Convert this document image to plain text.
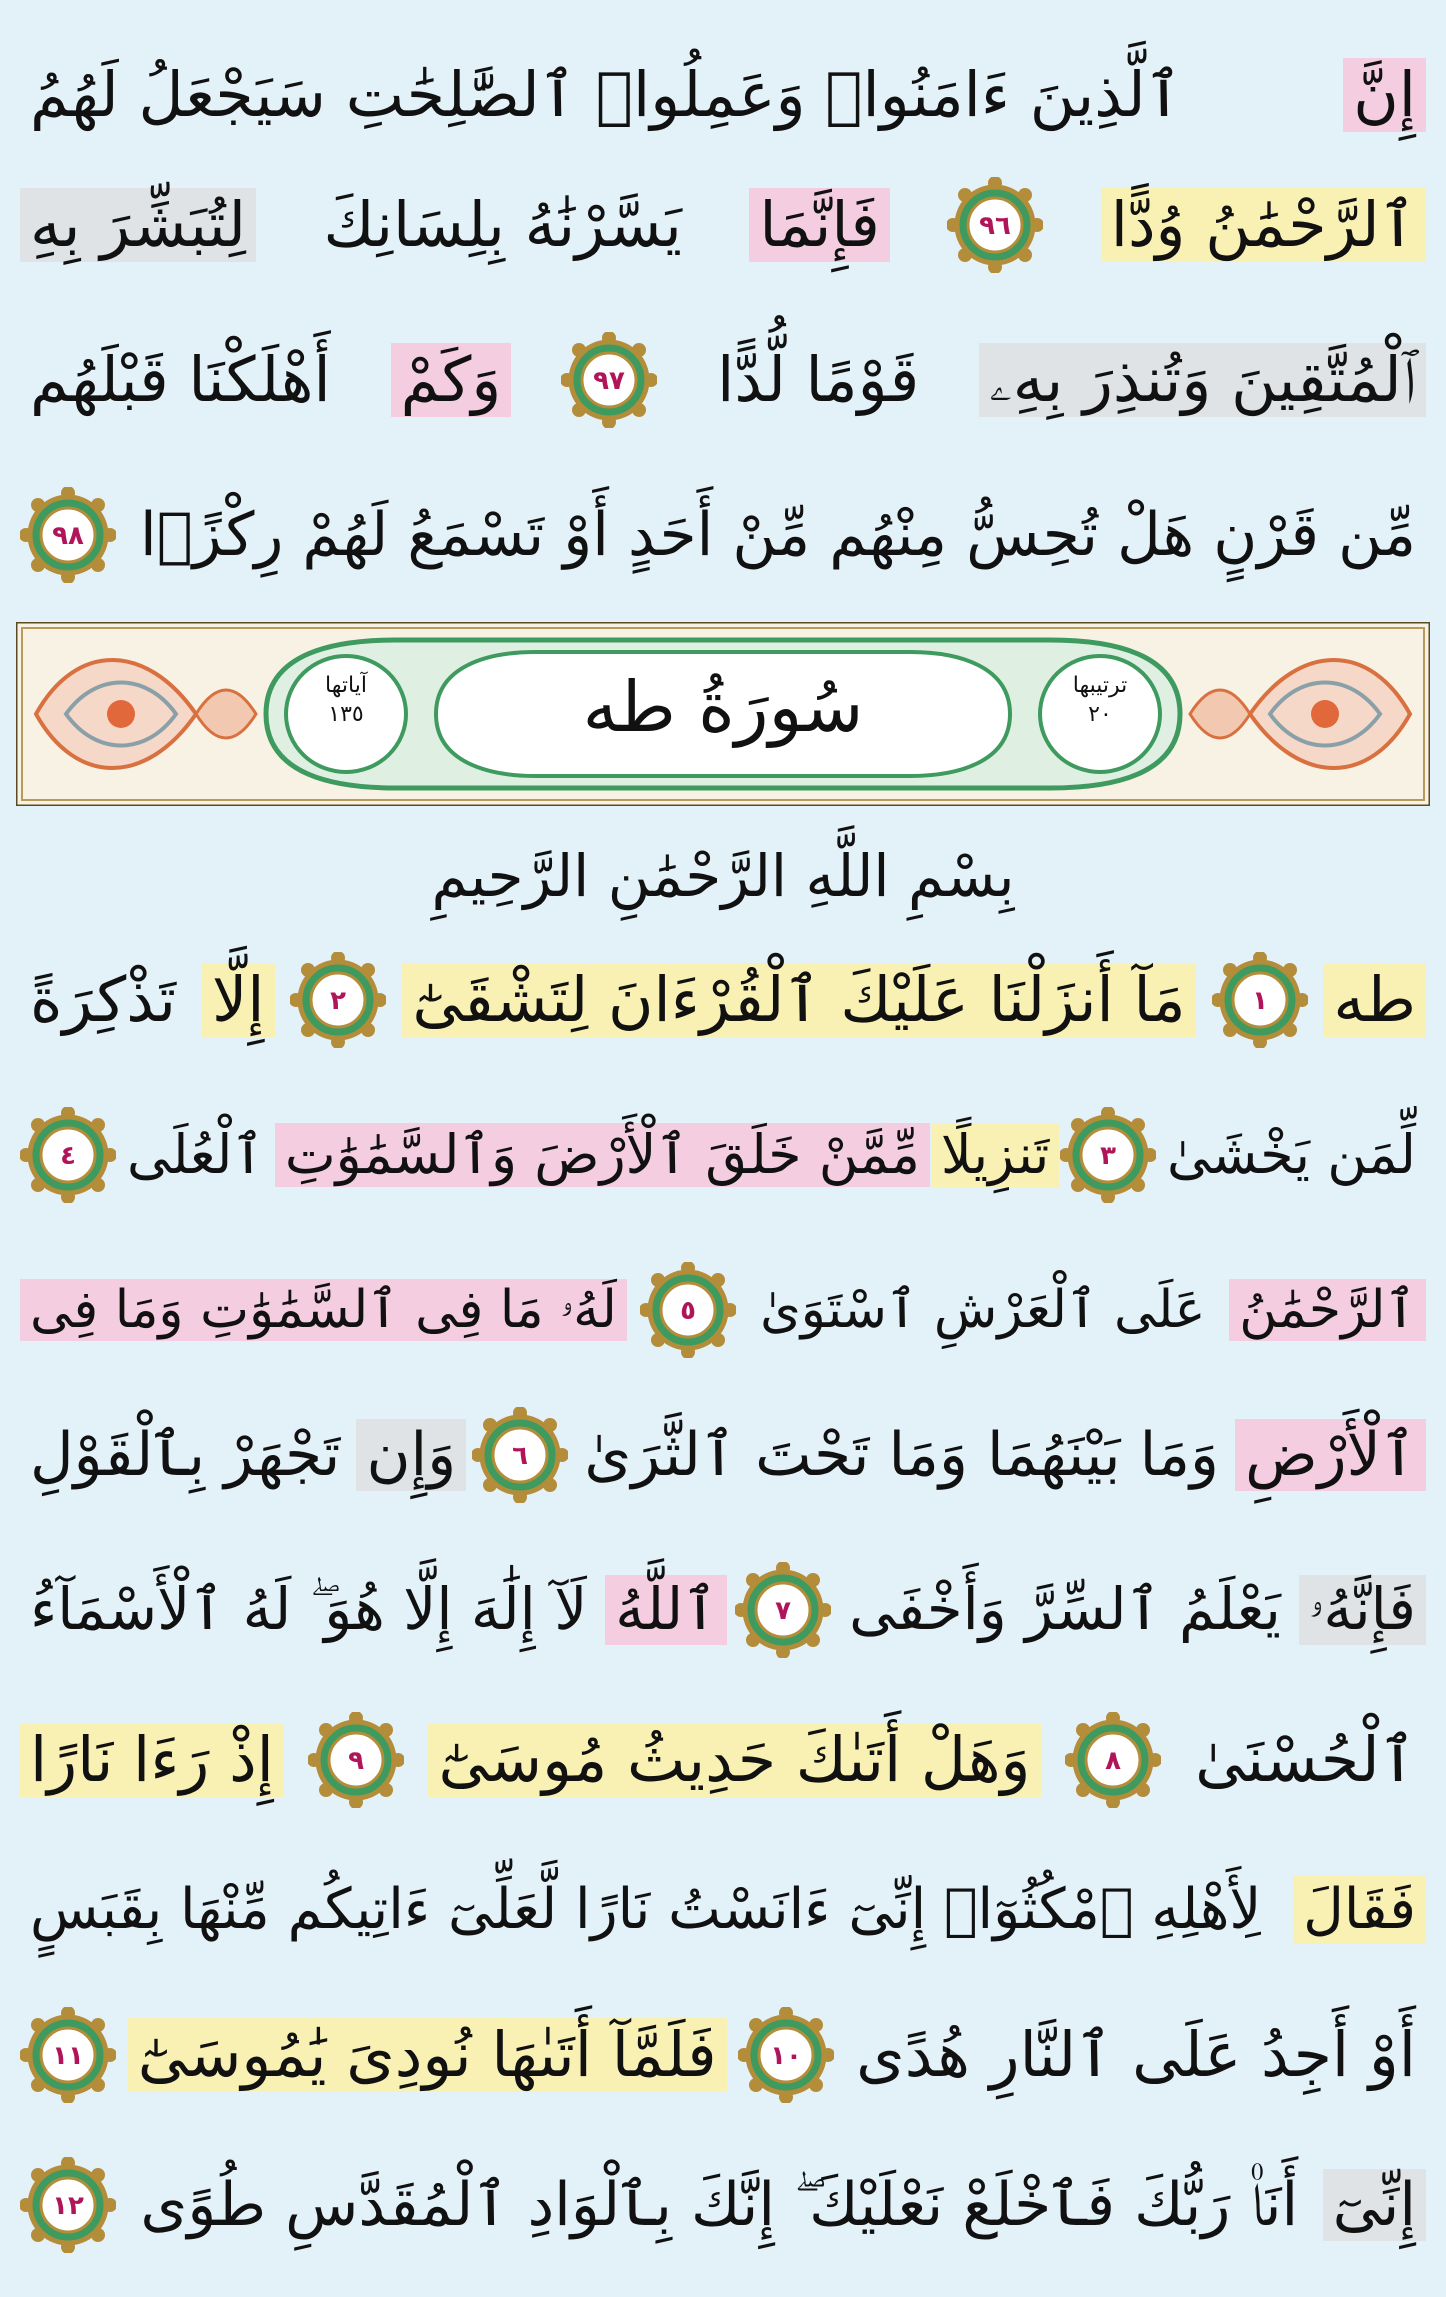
إِنَّ
ٱلَّذِينَ ءَامَنُوا۟ وَعَمِلُوا۟ ٱلصَّٰلِحَٰتِ سَيَجْعَلُ لَهُمُ
ٱلرَّحْمَٰنُ وُدًّا
٩٦
فَإِنَّمَا
يَسَّرْنَٰهُ بِلِسَانِكَ
لِتُبَشِّرَ بِهِ
ٱلْمُتَّقِينَ وَتُنذِرَ بِهِۦ
قَوْمًا لُّدًّا
٩٧
وَكَمْ
أَهْلَكْنَا قَبْلَهُم
مِّن قَرْنٍ هَلْ تُحِسُّ مِنْهُم مِّنْ أَحَدٍ أَوْ تَسْمَعُ لَهُمْ رِكْزًۢا
٩٨
آياتها
١٣٥	سُورَةُ طه	ترتيبها
٢٠
بِسْمِ اللَّهِ الرَّحْمَٰنِ الرَّحِيمِ
طه
١
مَآ أَنزَلْنَا عَلَيْكَ ٱلْقُرْءَانَ لِتَشْقَىٰٓ
٢
إِلَّا
تَذْكِرَةً
لِّمَن يَخْشَىٰ
٣
تَنزِيلًا
مِّمَّنْ خَلَقَ ٱلْأَرْضَ وَٱلسَّمَٰوَٰتِ
ٱلْعُلَى
٤
ٱلرَّحْمَٰنُ
عَلَى ٱلْعَرْشِ ٱسْتَوَىٰ
٥
لَهُۥ مَا فِى ٱلسَّمَٰوَٰتِ وَمَا فِى
ٱلْأَرْضِ
وَمَا بَيْنَهُمَا وَمَا تَحْتَ ٱلثَّرَىٰ
٦
وَإِن
تَجْهَرْ بِٱلْقَوْلِ
فَإِنَّهُۥ
يَعْلَمُ ٱلسِّرَّ وَأَخْفَى
٧
ٱللَّهُ
لَآ إِلَٰهَ إِلَّا هُوَ ۖ لَهُ ٱلْأَسْمَآءُ
ٱلْحُسْنَىٰ
٨
وَهَلْ أَتَىٰكَ حَدِيثُ مُوسَىٰٓ
٩
إِذْ رَءَا نَارًا
فَقَالَ
لِأَهْلِهِ ٱمْكُثُوٓا۟ إِنِّىٓ ءَانَسْتُ نَارًا لَّعَلِّىٓ ءَاتِيكُم مِّنْهَا بِقَبَسٍ
أَوْ أَجِدُ عَلَى ٱلنَّارِ هُدًى
١٠
فَلَمَّآ أَتَىٰهَا نُودِىَ يَٰمُوسَىٰٓ
١١
إِنِّىٓ
أَنَا۠ رَبُّكَ فَٱخْلَعْ نَعْلَيْكَ ۖ إِنَّكَ بِٱلْوَادِ ٱلْمُقَدَّسِ طُوًى
١٢
